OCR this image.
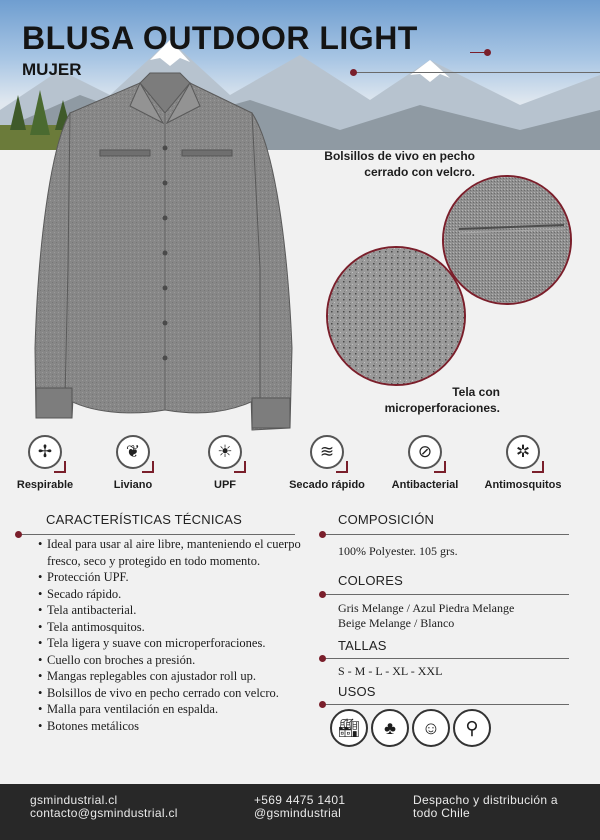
BLUSA OUTDOOR LIGHT
MUJER
Bolsillos de vivo en pecho
cerrado con velcro.
Tela con
microperforaciones.
✢
Respirable
❦
Liviano
☀
UPF
≋
Secado rápido
⊘
Antibacterial
✲
Antimosquitos
CARACTERÍSTICAS TÉCNICAS
• Ideal para usar al aire libre, manteniendo el cuerpo fresco, seco y protegido en todo momento.
• Protección UPF.
• Secado rápido.
• Tela antibacterial.
• Tela antimosquitos.
• Tela ligera y suave con microperforaciones.
• Cuello con broches a presión.
• Mangas replegables con ajustador roll up.
• Bolsillos de vivo en pecho cerrado con velcro.
• Malla para ventilación en espalda.
• Botones metálicos
COMPOSICIÓN
100% Polyester. 105 grs.
COLORES
Gris Melange / Azul Piedra Melange
Beige Melange / Blanco
TALLAS
S - M - L - XL - XXL
USOS
🏭︎	♣	☺	⚲
gsmindustrial.cl
contacto@gsmindustrial.cl
+569 4475 1401
@gsmindustrial
Despacho y distribución a
todo Chile
